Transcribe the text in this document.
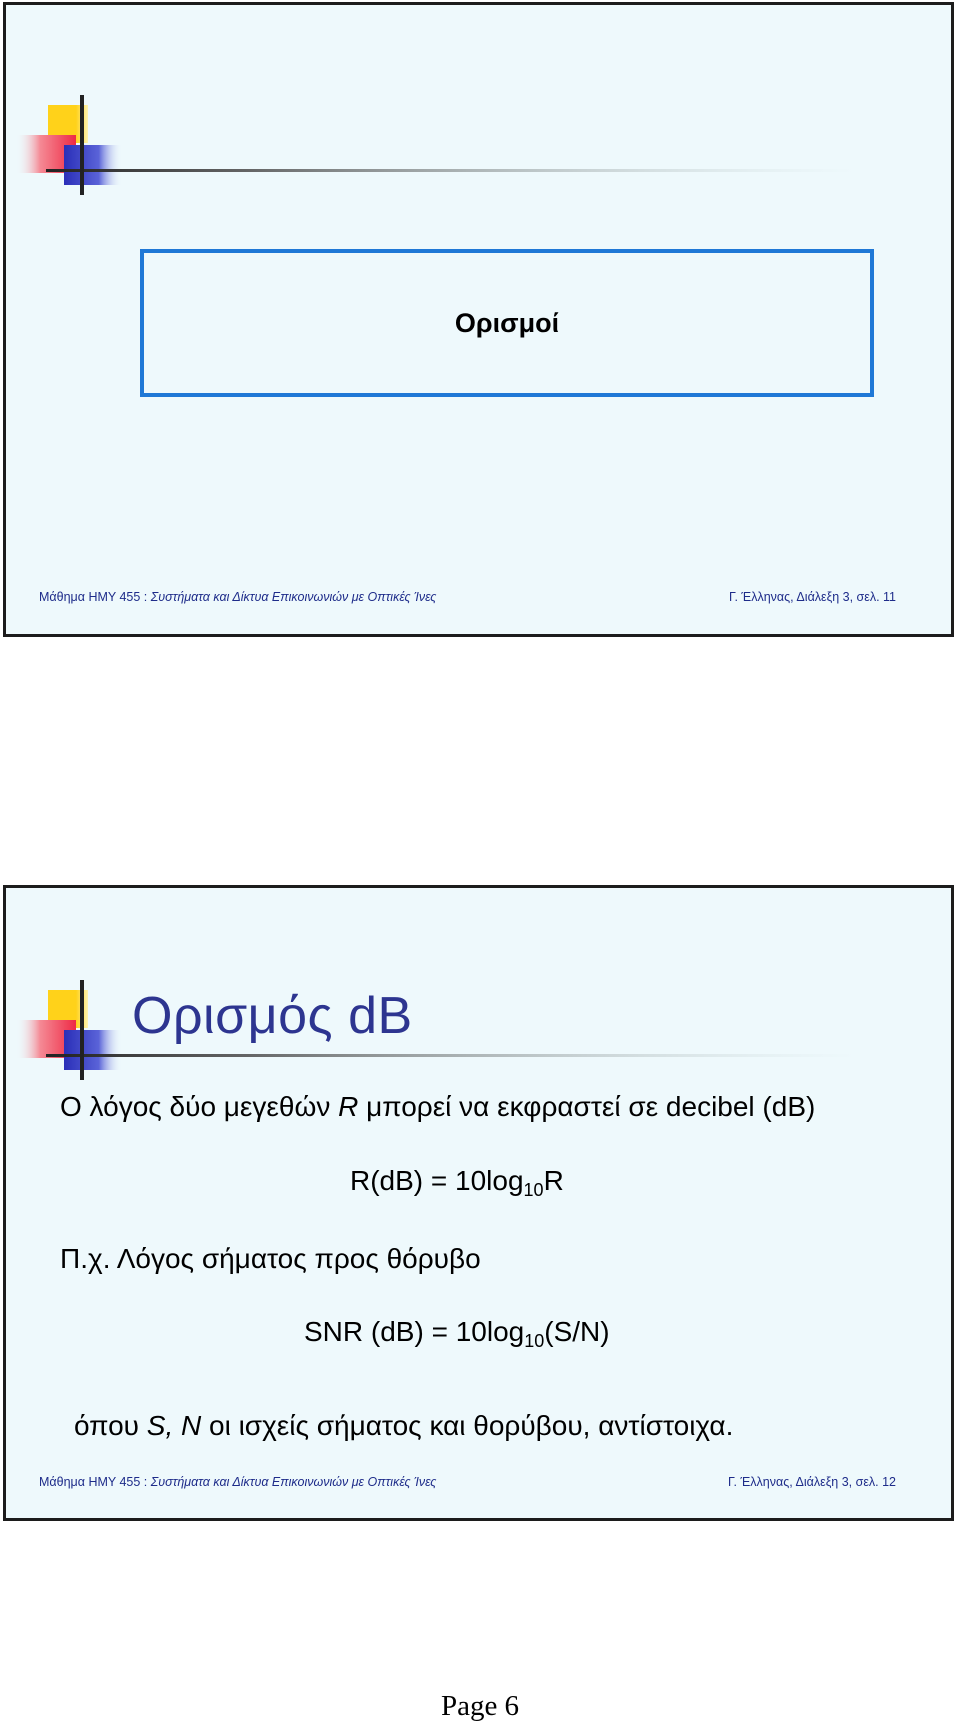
Ορισμοί
Μάθημα ΗΜΥ 455 : Συστήματα και Δίκτυα Επικοινωνιών με Οπτικές Ίνες	Γ. Έλληνας, Διάλεξη 3, σελ. 11
Ορισμός dB
Ο λόγος δύο μεγεθών R μπορεί να εκφραστεί σε decibel (dB)
$R(dB) = 10\log_{10}R$
Π.χ. Λόγος σήματος προς θόρυβο
SNR $(dB) = 10\log_{10}(S/N)$
όπου S, N οι ισχείς σήματος και θορύβου, αντίστοιχα.
Μάθημα ΗΜΥ 455 : Συστήματα και Δίκτυα Επικοινωνιών με Οπτικές Ίνες	Γ. Έλληνας, Διάλεξη 3, σελ. 12
Page 6
